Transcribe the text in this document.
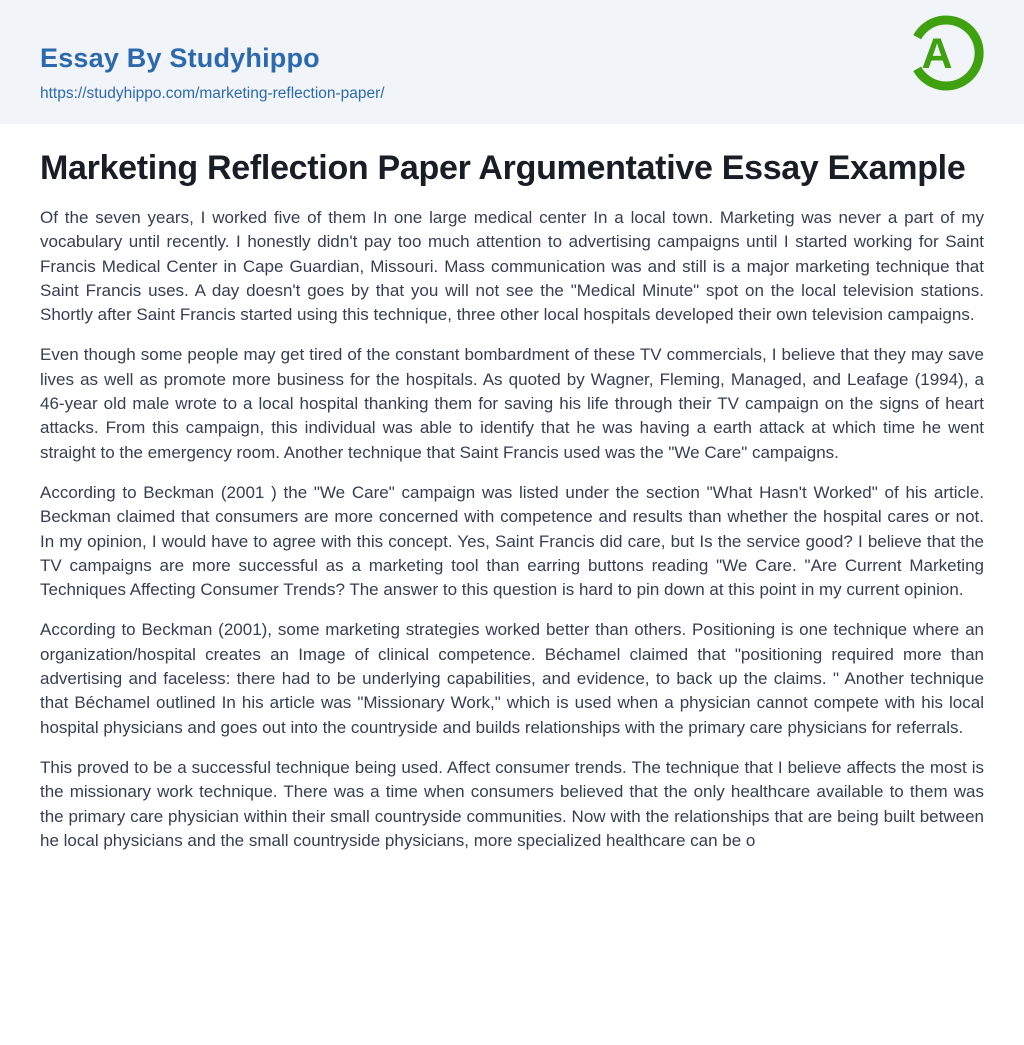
Essay By Studyhippo
https://studyhippo.com/marketing-reflection-paper/
A
Marketing Reflection Paper Argumentative Essay Example

Of the seven years, I worked five of them In one large medical center In a local town. Marketing was never a part of my vocabulary until recently. I honestly didn't pay too much attention to advertising campaigns until I started working for Saint Francis Medical Center in Cape Guardian, Missouri. Mass communication was and still is a major marketing technique that Saint Francis uses. A day doesn't goes by that you will not see the "Medical Minute" spot on the local television stations. Shortly after Saint Francis started using this technique, three other local hospitals developed their own television campaigns.

Even though some people may get tired of the constant bombardment of these TV commercials, I believe that they may save lives as well as promote more business for the hospitals. As quoted by Wagner, Fleming, Managed, and Leafage (1994), a 46-year old male wrote to a local hospital thanking them for saving his life through their TV campaign on the signs of heart attacks. From this campaign, this individual was able to identify that he was having a earth attack at which time he went straight to the emergency room. Another technique that Saint Francis used was the "We Care" campaigns.

According to Beckman (2001 ) the "We Care" campaign was listed under the section "What Hasn't Worked" of his article. Beckman claimed that consumers are more concerned with competence and results than whether the hospital cares or not. In my opinion, I would have to agree with this concept. Yes, Saint Francis did care, but Is the service good? I believe that the TV campaigns are more successful as a marketing tool than earring buttons reading "We Care. "Are Current Marketing Techniques Affecting Consumer Trends? The answer to this question is hard to pin down at this point in my current opinion.

According to Beckman (2001), some marketing strategies worked better than others. Positioning is one technique where an organization/hospital creates an Image of clinical competence. Béchamel claimed that "positioning required more than advertising and faceless: there had to be underlying capabilities, and evidence, to back up the claims. " Another technique that Béchamel outlined In his article was "Missionary Work," which is used when a physician cannot compete with his local hospital physicians and goes out into the countryside and builds relationships with the primary care physicians for referrals.

This proved to be a successful technique being used. Affect consumer trends. The technique that I believe affects the most is the missionary work technique. There was a time when consumers believed that the only healthcare available to them was the primary care physician within their small countryside communities. Now with the relationships that are being built between he local physicians and the small countryside physicians, more specialized healthcare can be o
